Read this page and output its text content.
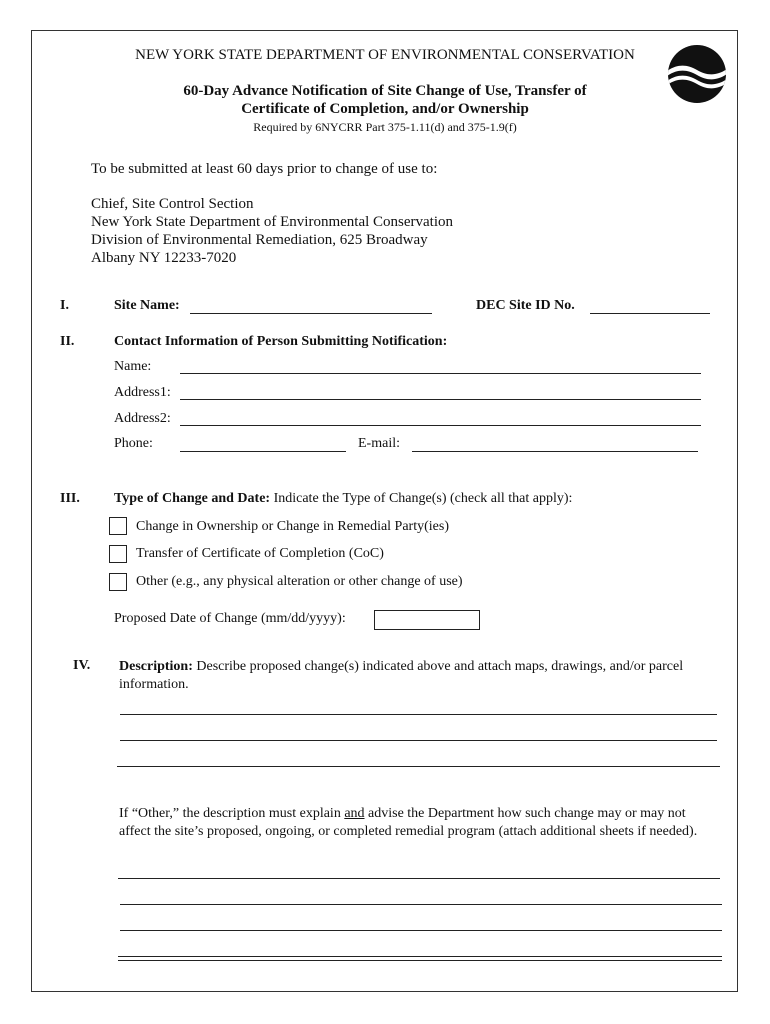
NEW YORK STATE DEPARTMENT OF ENVIRONMENTAL CONSERVATION
60-Day Advance Notification of Site Change of Use, Transfer of
Certificate of Completion, and/or Ownership
Required by 6NYCRR Part 375-1.11(d) and 375-1.9(f)
To be submitted at least 60 days prior to change of use to:
Chief, Site Control Section
New York State Department of Environmental Conservation
Division of Environmental Remediation, 625 Broadway
Albany NY 12233-7020
I.	Site Name:	DEC Site ID No.
II.	Contact Information of Person Submitting Notification:
Name:
Address1:
Address2:
Phone:	E-mail:
III. Type of Change and Date: Indicate the Type of Change(s) (check all that apply):
Change in Ownership or Change in Remedial Party(ies)
Transfer of Certificate of Completion (CoC)
Other (e.g., any physical alteration or other change of use)
Proposed Date of Change (mm/dd/yyyy):
IV. Description: Describe proposed change(s) indicated above and attach maps, drawings, and/or parcel information.
If “Other,” the description must explain and advise the Department how such change may or may not affect the site’s proposed, ongoing, or completed remedial program (attach additional sheets if needed).
